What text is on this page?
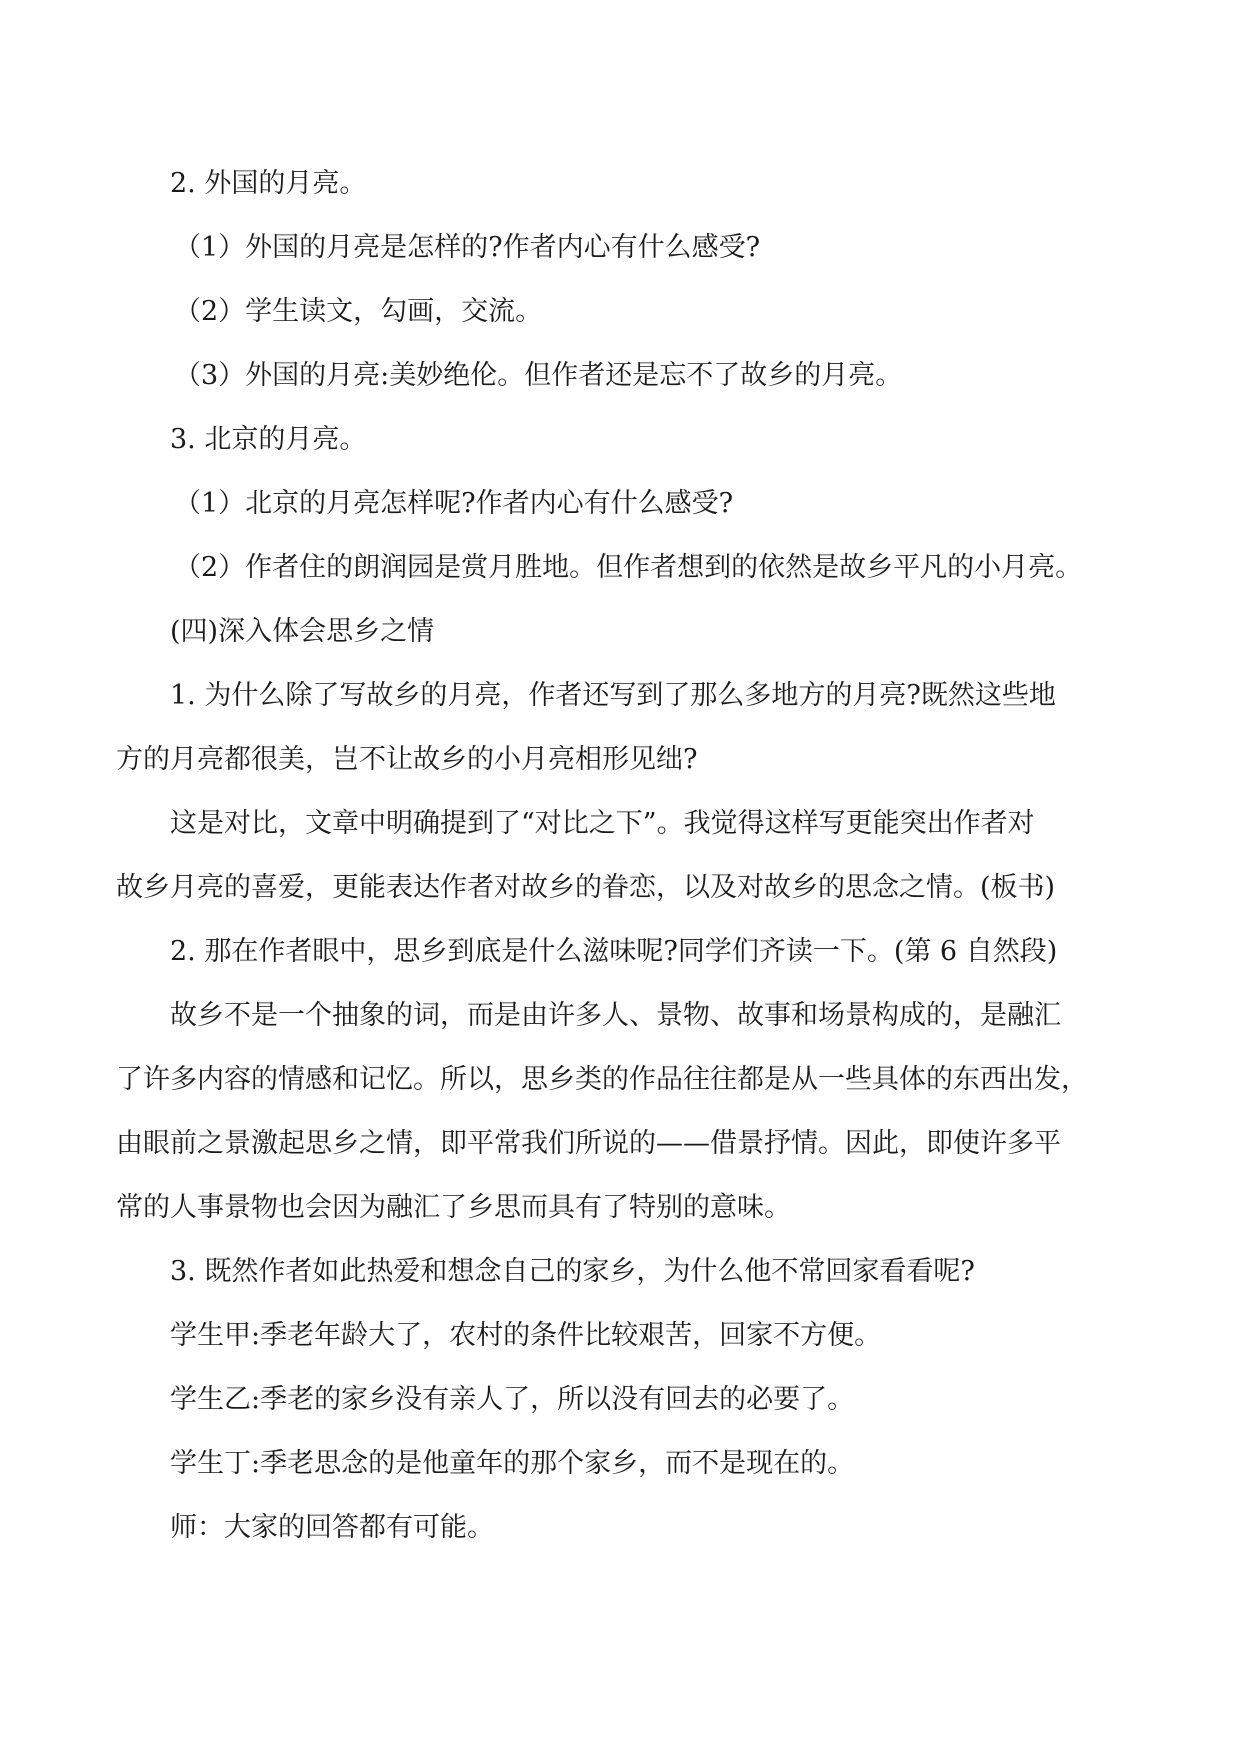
2. 外国的月亮。
（1）外国的月亮是怎样的?作者内心有什么感受?
（2）学生读文，勾画，交流。
（3）外国的月亮:美妙绝伦。但作者还是忘不了故乡的月亮。
3. 北京的月亮。
（1）北京的月亮怎样呢?作者内心有什么感受?
（2）作者住的朗润园是赏月胜地。但作者想到的依然是故乡平凡的小月亮。
(四)深入体会思乡之情
1. 为什么除了写故乡的月亮，作者还写到了那么多地方的月亮?既然这些地
方的月亮都很美，岂不让故乡的小月亮相形见绌?
这是对比，文章中明确提到了“对比之下”。我觉得这样写更能突出作者对
故乡月亮的喜爱，更能表达作者对故乡的眷恋，以及对故乡的思念之情。(板书)
2. 那在作者眼中，思乡到底是什么滋味呢?同学们齐读一下。(第 6 自然段)
故乡不是一个抽象的词，而是由许多人、景物、故事和场景构成的，是融汇
了许多内容的情感和记忆。所以，思乡类的作品往往都是从一些具体的东西出发，
由眼前之景激起思乡之情，即平常我们所说的——借景抒情。因此，即使许多平
常的人事景物也会因为融汇了乡思而具有了特别的意味。
3. 既然作者如此热爱和想念自己的家乡，为什么他不常回家看看呢?
学生甲:季老年龄大了，农村的条件比较艰苦，回家不方便。
学生乙:季老的家乡没有亲人了，所以没有回去的必要了。
学生丁:季老思念的是他童年的那个家乡，而不是现在的。
师：大家的回答都有可能。
